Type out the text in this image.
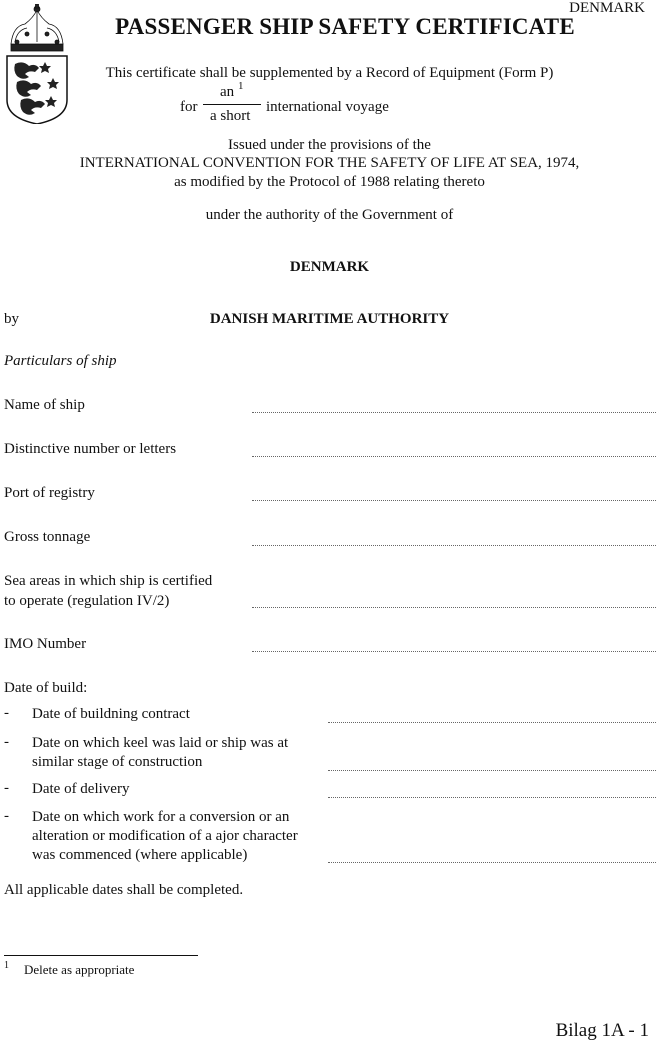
DENMARK
PASSENGER SHIP SAFETY CERTIFICATE
This certificate shall be supplemented by a Record of Equipment (Form P)
for
an 1
a short
international voyage
Issued under the provisions of the
INTERNATIONAL CONVENTION FOR THE SAFETY OF LIFE AT SEA, 1974,
as modified by the Protocol of 1988 relating thereto
under the authority of the Government of
DENMARK
by	DANISH MARITIME AUTHORITY
Particulars of ship
Name of ship
Distinctive number or letters
Port of registry
Gross tonnage
Sea areas in which ship is certified
to operate (regulation IV/2)
IMO Number
Date of build:
- Date of buildning contract
- Date on which keel was laid or ship was at
similar stage of construction
- Date of delivery
- Date on which work for a conversion or an
alteration or modification of a ajor character
was commenced (where applicable)
All applicable dates shall be completed.
1 Delete as appropriate
Bilag 1A - 1
